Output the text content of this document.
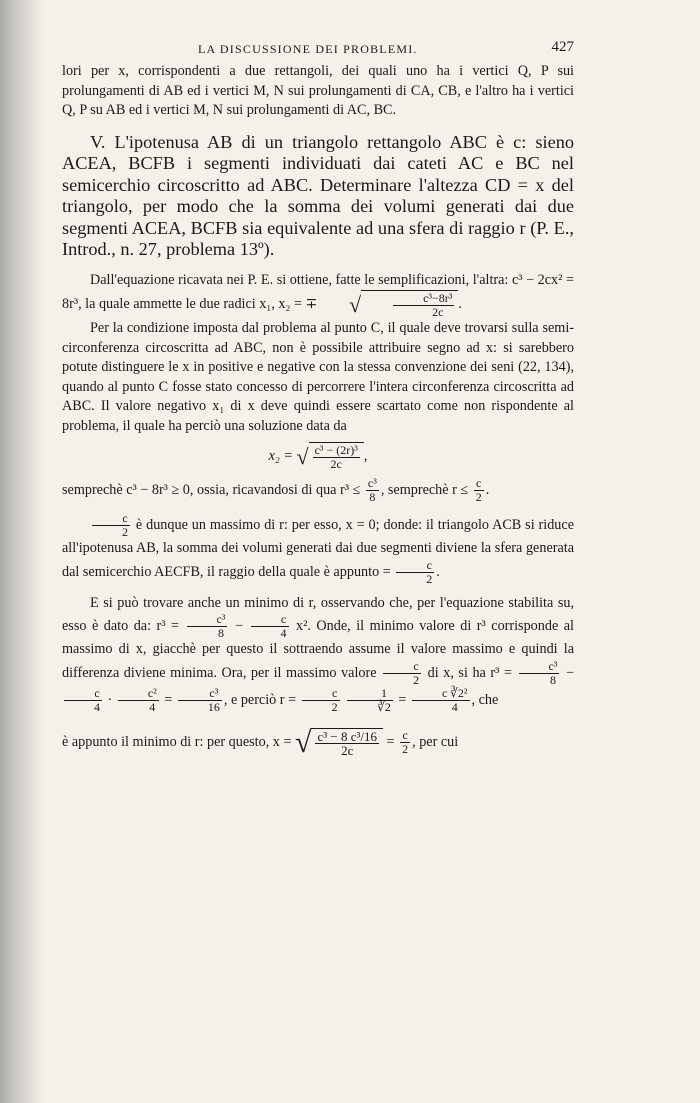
LA DISCUSSIONE DEI PROBLEMI.	427

lori per x, corrispondenti a due rettangoli, dei quali uno ha i vertici Q, P sui prolungamenti di AB ed i vertici M, N sui prolungamenti di CA, CB, e l'altro ha i vertici Q, P su AB ed i vertici M, N sui prolungamenti di AC, BC.

V. L'ipotenusa AB di un triangolo rettangolo ABC è c: sieno ACEA, BCFB i segmenti individuati dai cateti AC e BC nel semicerchio circoscritto ad ABC. Determinare l'altezza CD = x del triangolo, per modo che la somma dei volumi generati dai due segmenti ACEA, BCFB sia equivalente ad una sfera di raggio r (P. E., Introd., n. 27, problema 13º).

Dall'equazione ricavata nei P. E. si ottiene, fatte le semplificazioni, l'altra: c³ − 2cx² = 8r³, la quale ammette le due radici x₁, x₂ = ∓ √	$\frac{\text{c³−8r³}}{2c}$ .

Per la condizione imposta dal problema al punto C, il quale deve trovarsi sulla semi-circonferenza circoscritta ad ABC, non è possibile attribuire segno ad x: si sarebbero potute distinguere le x in positive e negative con la stessa convenzione dei seni (22, 134), quando al punto C fosse stato concesso di percorrere l'intera circonferenza circoscritta ad ABC. Il valore negativo x₁ di x deve quindi essere scartato come non rispondente al problema, il quale ha perciò una soluzione data da

x₂ = √ $\frac{\text{c³ − (2r)³}}{2c}$ ,

semprechè c³ − 8r³ ≥ 0, ossia, ricavandosi di qua $r^3 \le \frac{\text{c³}}{8}$ , semprechè $r \le \frac{c}{2}$ .

$\frac{c}{2}$ è dunque un massimo di r: per esso, x = 0; donde: il triangolo ACB si riduce all'ipotenusa AB, la somma dei volumi generati dai due segmenti diviene la sfera generata dal semicerchio AECFB, il raggio della quale è appunto = $\frac{c}{2}$ .

E si può trovare anche un minimo di r, osservando che, per l'equazione stabilita su, esso è dato da: $r^3 = \frac{\text{c³}}{8} - \frac{c}{4} x^2$. Onde, il minimo valore di r³ corrisponde al massimo di x, giacchè per questo il sottraendo assume il valore massimo e quindi la differenza diviene minima. Ora, per il massimo valore $\frac{c}{2}$ di x, si ha $r^3 = \frac{\text{c³}}{8}$ −
$\frac{c}{4} \cdot \frac{\text{c²}}{4} = \frac{\text{c³}}{16}$ , e perciò $r = \frac{c}{2}$
$\frac{1}{∛2} = \frac{\text{c ∛2²}}{4}$ , che

è appunto il minimo di r: per questo, x = √ $\frac{\text{c³ − 8 c³/16}}{2c} = \frac{c}{2}$ , per cui
